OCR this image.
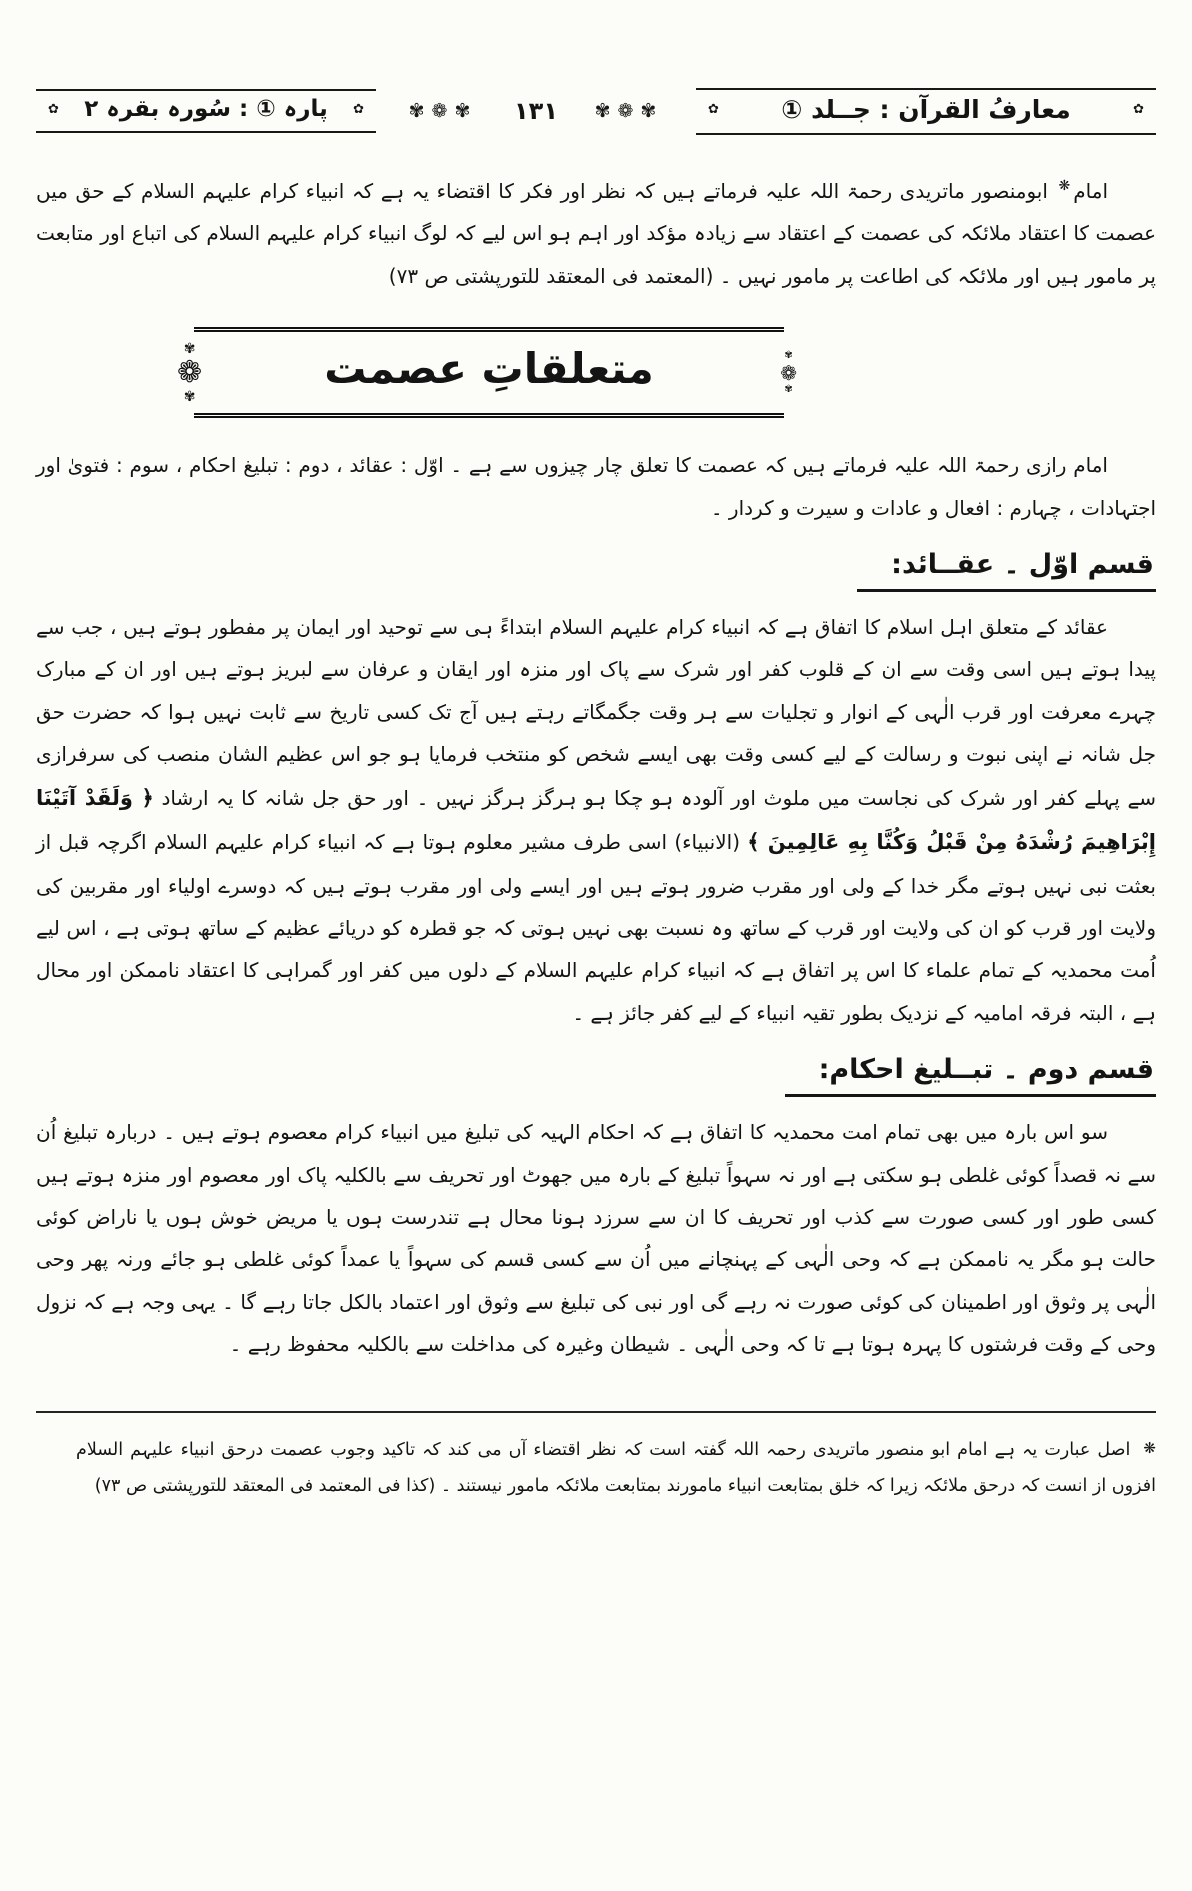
✿
معارفُ القرآن : جــلد ①
✿
✾❁✾
۱۳۱
✾❁✾
✿
پارہ ① : سُورہ بقرہ ۲
✿

امام❋ ابومنصور ماتریدی رحمۃ اللہ علیہ فرماتے ہیں کہ نظر اور فکر کا اقتضاء یہ ہے کہ انبیاء کرام علیہم السلام کے حق میں عصمت کا اعتقاد ملائکہ کی عصمت کے اعتقاد سے زیادہ مؤکد اور اہم ہو اس لیے کہ لوگ انبیاء کرام علیہم السلام کی اتباع اور متابعت پر مامور ہیں اور ملائکہ کی اطاعت پر مامور نہیں ۔ (المعتمد فی المعتقد للتورپشتی ص ۷۳)

✾
❁
✾
متعلقاتِ عصمت
✾
❁
✾

امام رازی رحمۃ اللہ علیہ فرماتے ہیں کہ عصمت کا تعلق چار چیزوں سے ہے ۔ اوّل : عقائد ، دوم : تبلیغ احکام ، سوم : فتویٰ اور اجتہادات ، چہارم : افعال و عادات و سیرت و کردار ۔

قسم اوّل ۔ عقــائد:

عقائد کے متعلق اہل اسلام کا اتفاق ہے کہ انبیاء کرام علیہم السلام ابتداءً ہی سے توحید اور ایمان پر مفطور ہوتے ہیں ، جب سے پیدا ہوتے ہیں اسی وقت سے ان کے قلوب کفر اور شرک سے پاک اور منزہ اور ایقان و عرفان سے لبریز ہوتے ہیں اور ان کے مبارک چہرے معرفت اور قرب الٰہی کے انوار و تجلیات سے ہر وقت جگمگاتے رہتے ہیں آج تک کسی تاریخ سے ثابت نہیں ہوا کہ حضرت حق جل شانہ نے اپنی نبوت و رسالت کے لیے کسی وقت بھی ایسے شخص کو منتخب فرمایا ہو جو اس عظیم الشان منصب کی سرفرازی سے پہلے کفر اور شرک کی نجاست میں ملوث اور آلودہ ہو چکا ہو ہرگز ہرگز نہیں ۔ اور حق جل شانہ کا یہ ارشاد ﴿ وَلَقَدْ آتَيْنَا إِبْرَاهِيمَ رُشْدَهُ مِنْ قَبْلُ وَكُنَّا بِهِ عَالِمِينَ ﴾ (الانبیاء) اسی طرف مشیر معلوم ہوتا ہے کہ انبیاء کرام علیہم السلام اگرچہ قبل از بعثت نبی نہیں ہوتے مگر خدا کے ولی اور مقرب ضرور ہوتے ہیں اور ایسے ولی اور مقرب ہوتے ہیں کہ دوسرے اولیاء اور مقربین کی ولایت اور قرب کو ان کی ولایت اور قرب کے ساتھ وہ نسبت بھی نہیں ہوتی کہ جو قطرہ کو دریائے عظیم کے ساتھ ہوتی ہے ، اس لیے اُمت محمدیہ کے تمام علماء کا اس پر اتفاق ہے کہ انبیاء کرام علیہم السلام کے دلوں میں کفر اور گمراہی کا اعتقاد ناممکن اور محال ہے ، البتہ فرقہ امامیہ کے نزدیک بطور تقیہ انبیاء کے لیے کفر جائز ہے ۔

قسم دوم ۔ تبــلیغ احکام:

سو اس بارہ میں بھی تمام امت محمدیہ کا اتفاق ہے کہ احکام الہیہ کی تبلیغ میں انبیاء کرام معصوم ہوتے ہیں ۔ دربارہ تبلیغ اُن سے نہ قصداً کوئی غلطی ہو سکتی ہے اور نہ سہواً تبلیغ کے بارہ میں جھوٹ اور تحریف سے بالکلیہ پاک اور معصوم اور منزہ ہوتے ہیں کسی طور اور کسی صورت سے کذب اور تحریف کا ان سے سرزد ہونا محال ہے تندرست ہوں یا مریض خوش ہوں یا ناراض کوئی حالت ہو مگر یہ ناممکن ہے کہ وحی الٰہی کے پہنچانے میں اُن سے کسی قسم کی سہواً یا عمداً کوئی غلطی ہو جائے ورنہ پھر وحی الٰہی پر وثوق اور اطمینان کی کوئی صورت نہ رہے گی اور نبی کی تبلیغ سے وثوق اور اعتماد بالکل جاتا رہے گا ۔ یہی وجہ ہے کہ نزول وحی کے وقت فرشتوں کا پہرہ ہوتا ہے تا کہ وحی الٰہی ۔ شیطان وغیرہ کی مداخلت سے بالکلیہ محفوظ رہے ۔

❋ اصل عبارت یہ ہے امام ابو منصور ماتریدی رحمہ اللہ گفتہ است کہ نظر اقتضاء آں می کند کہ تاکید وجوب عصمت درحق انبیاء علیہم السلام افزوں از انست کہ درحق ملائکہ زیرا کہ خلق بمتابعت انبیاء مامورند بمتابعت ملائکہ مامور نیستند ۔ (کذا فی المعتمد فی المعتقد للتورپشتی ص ۷۳)
